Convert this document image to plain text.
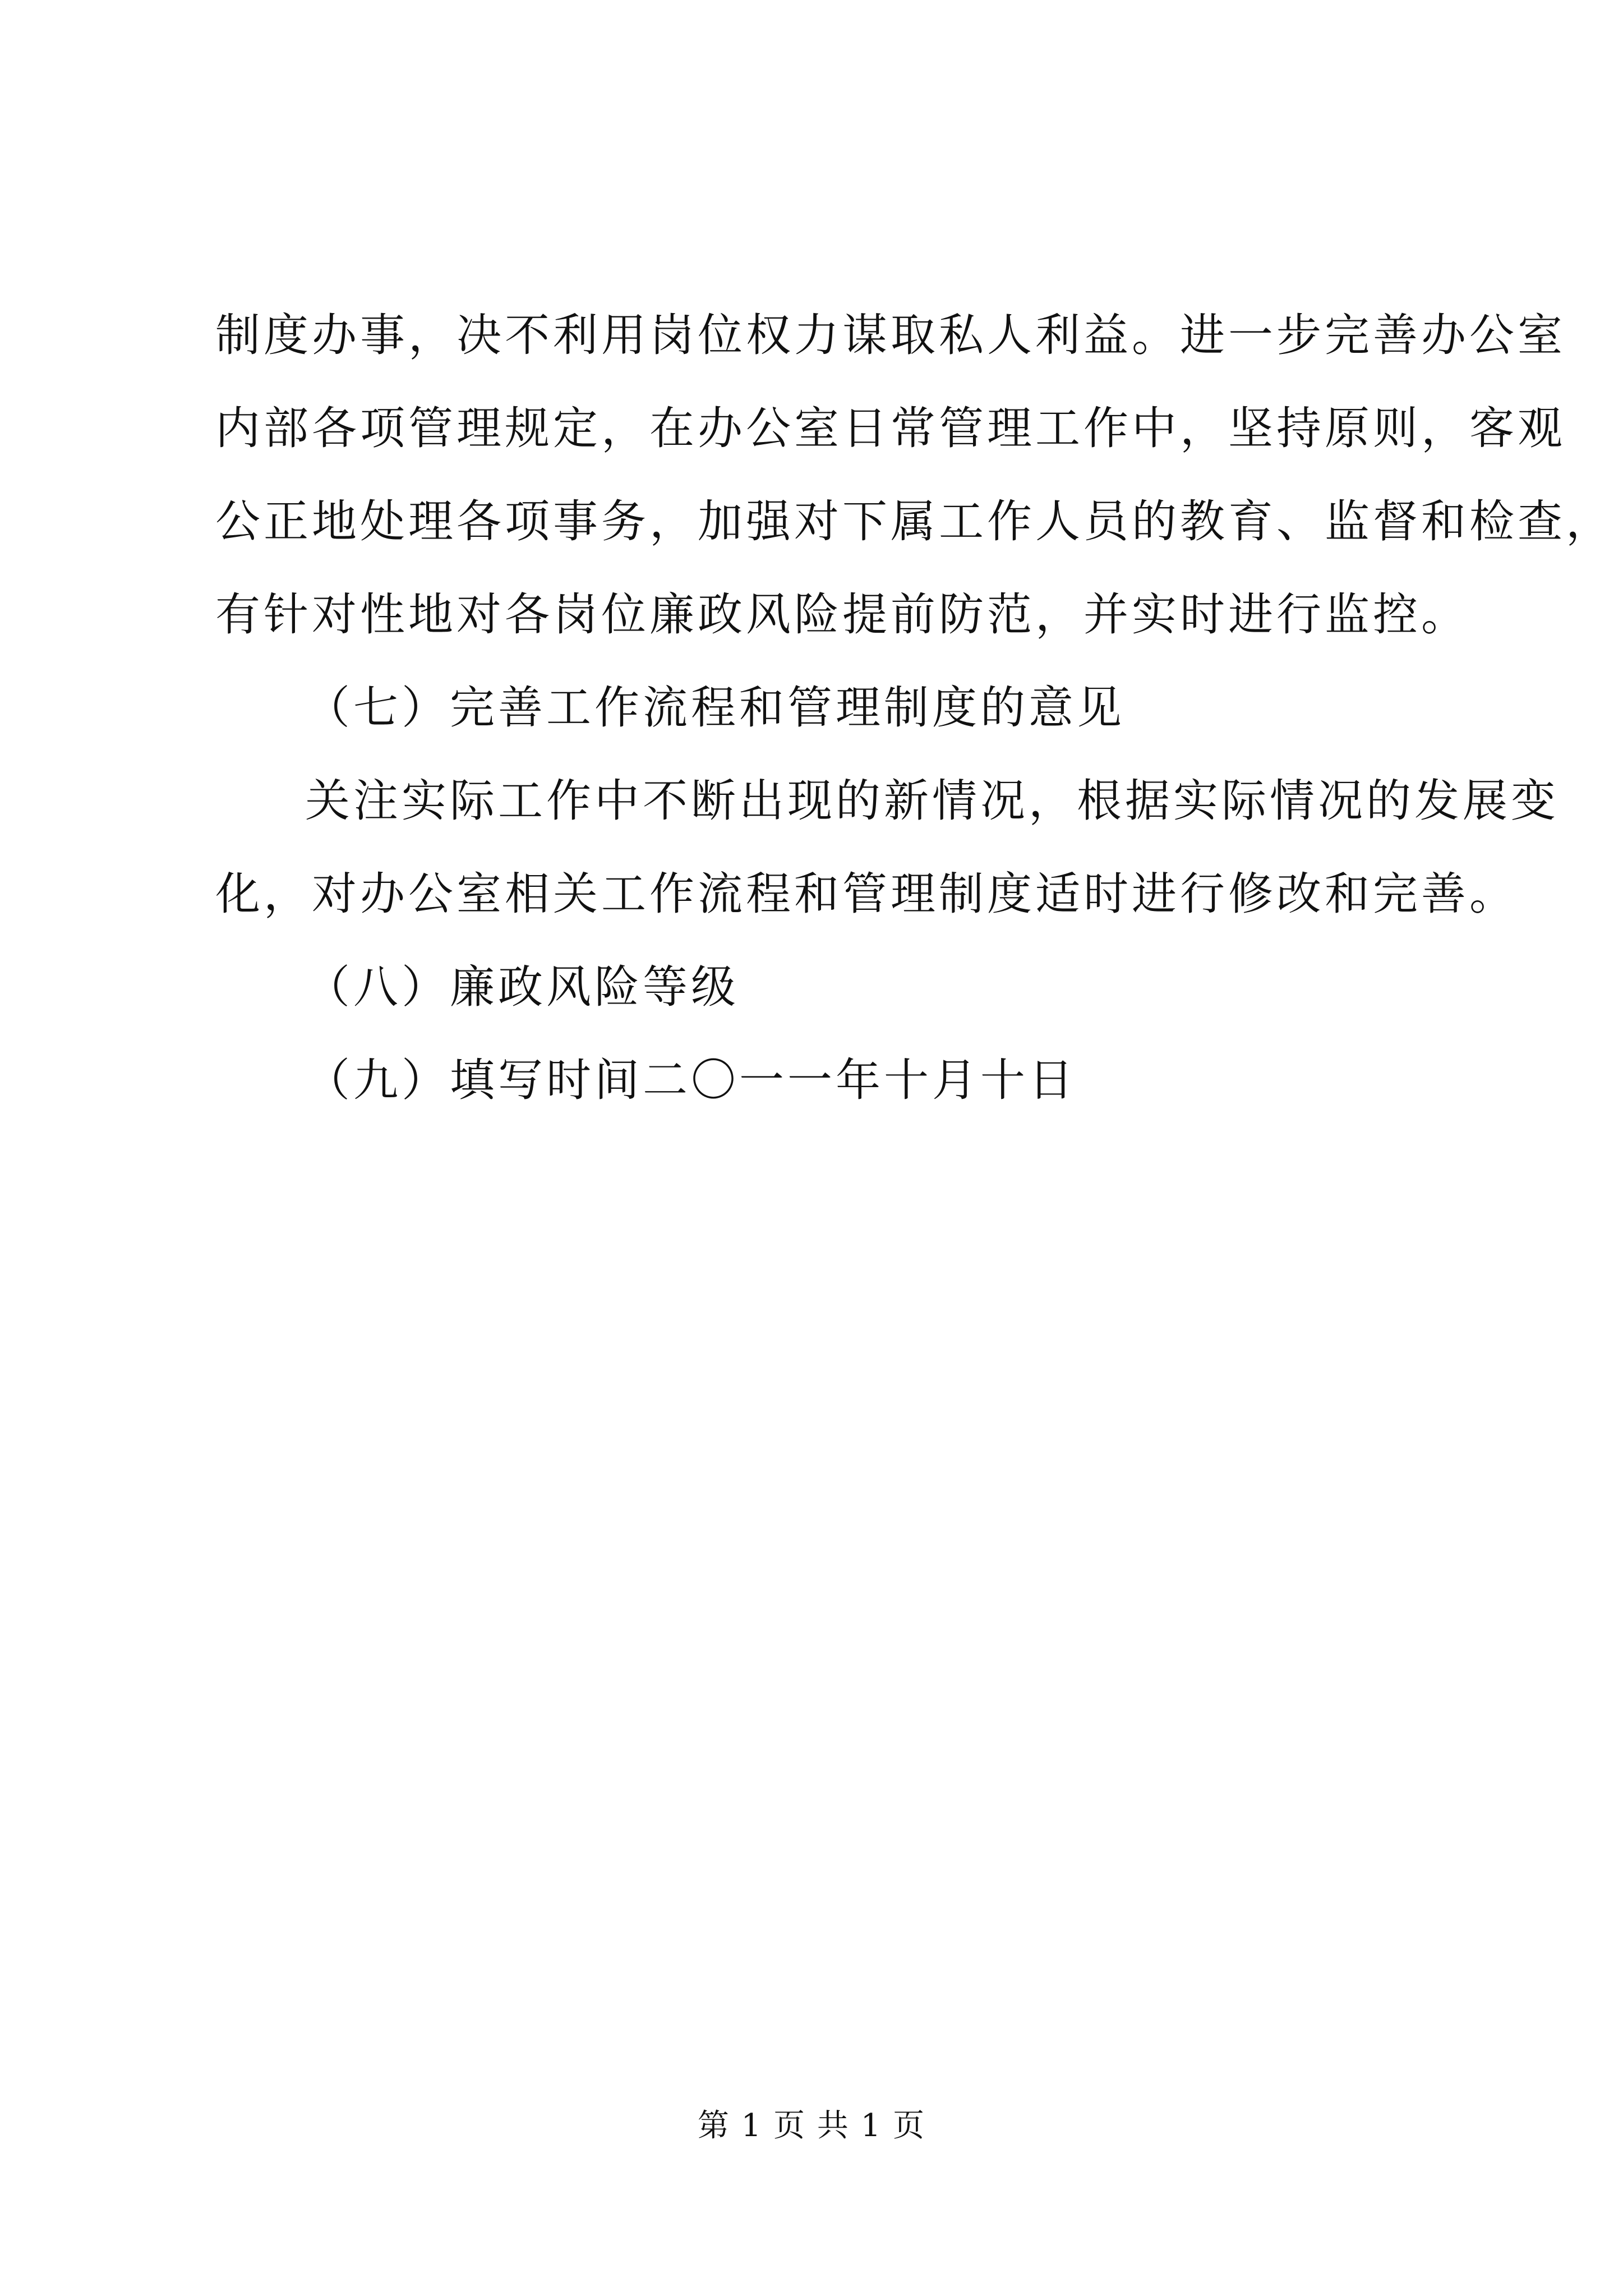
制度办事，决不利用岗位权力谋取私人利益。进一步完善办公室
内部各项管理规定，在办公室日常管理工作中，坚持原则，客观
公正地处理各项事务，加强对下属工作人员的教育、监督和检查，
有针对性地对各岗位廉政风险提前防范，并实时进行监控。
（七）完善工作流程和管理制度的意见
关注实际工作中不断出现的新情况，根据实际情况的发展变
化，对办公室相关工作流程和管理制度适时进行修改和完善。
（八）廉政风险等级
（九）填写时间二〇一一年十月十日
第 1 页 共 1 页
